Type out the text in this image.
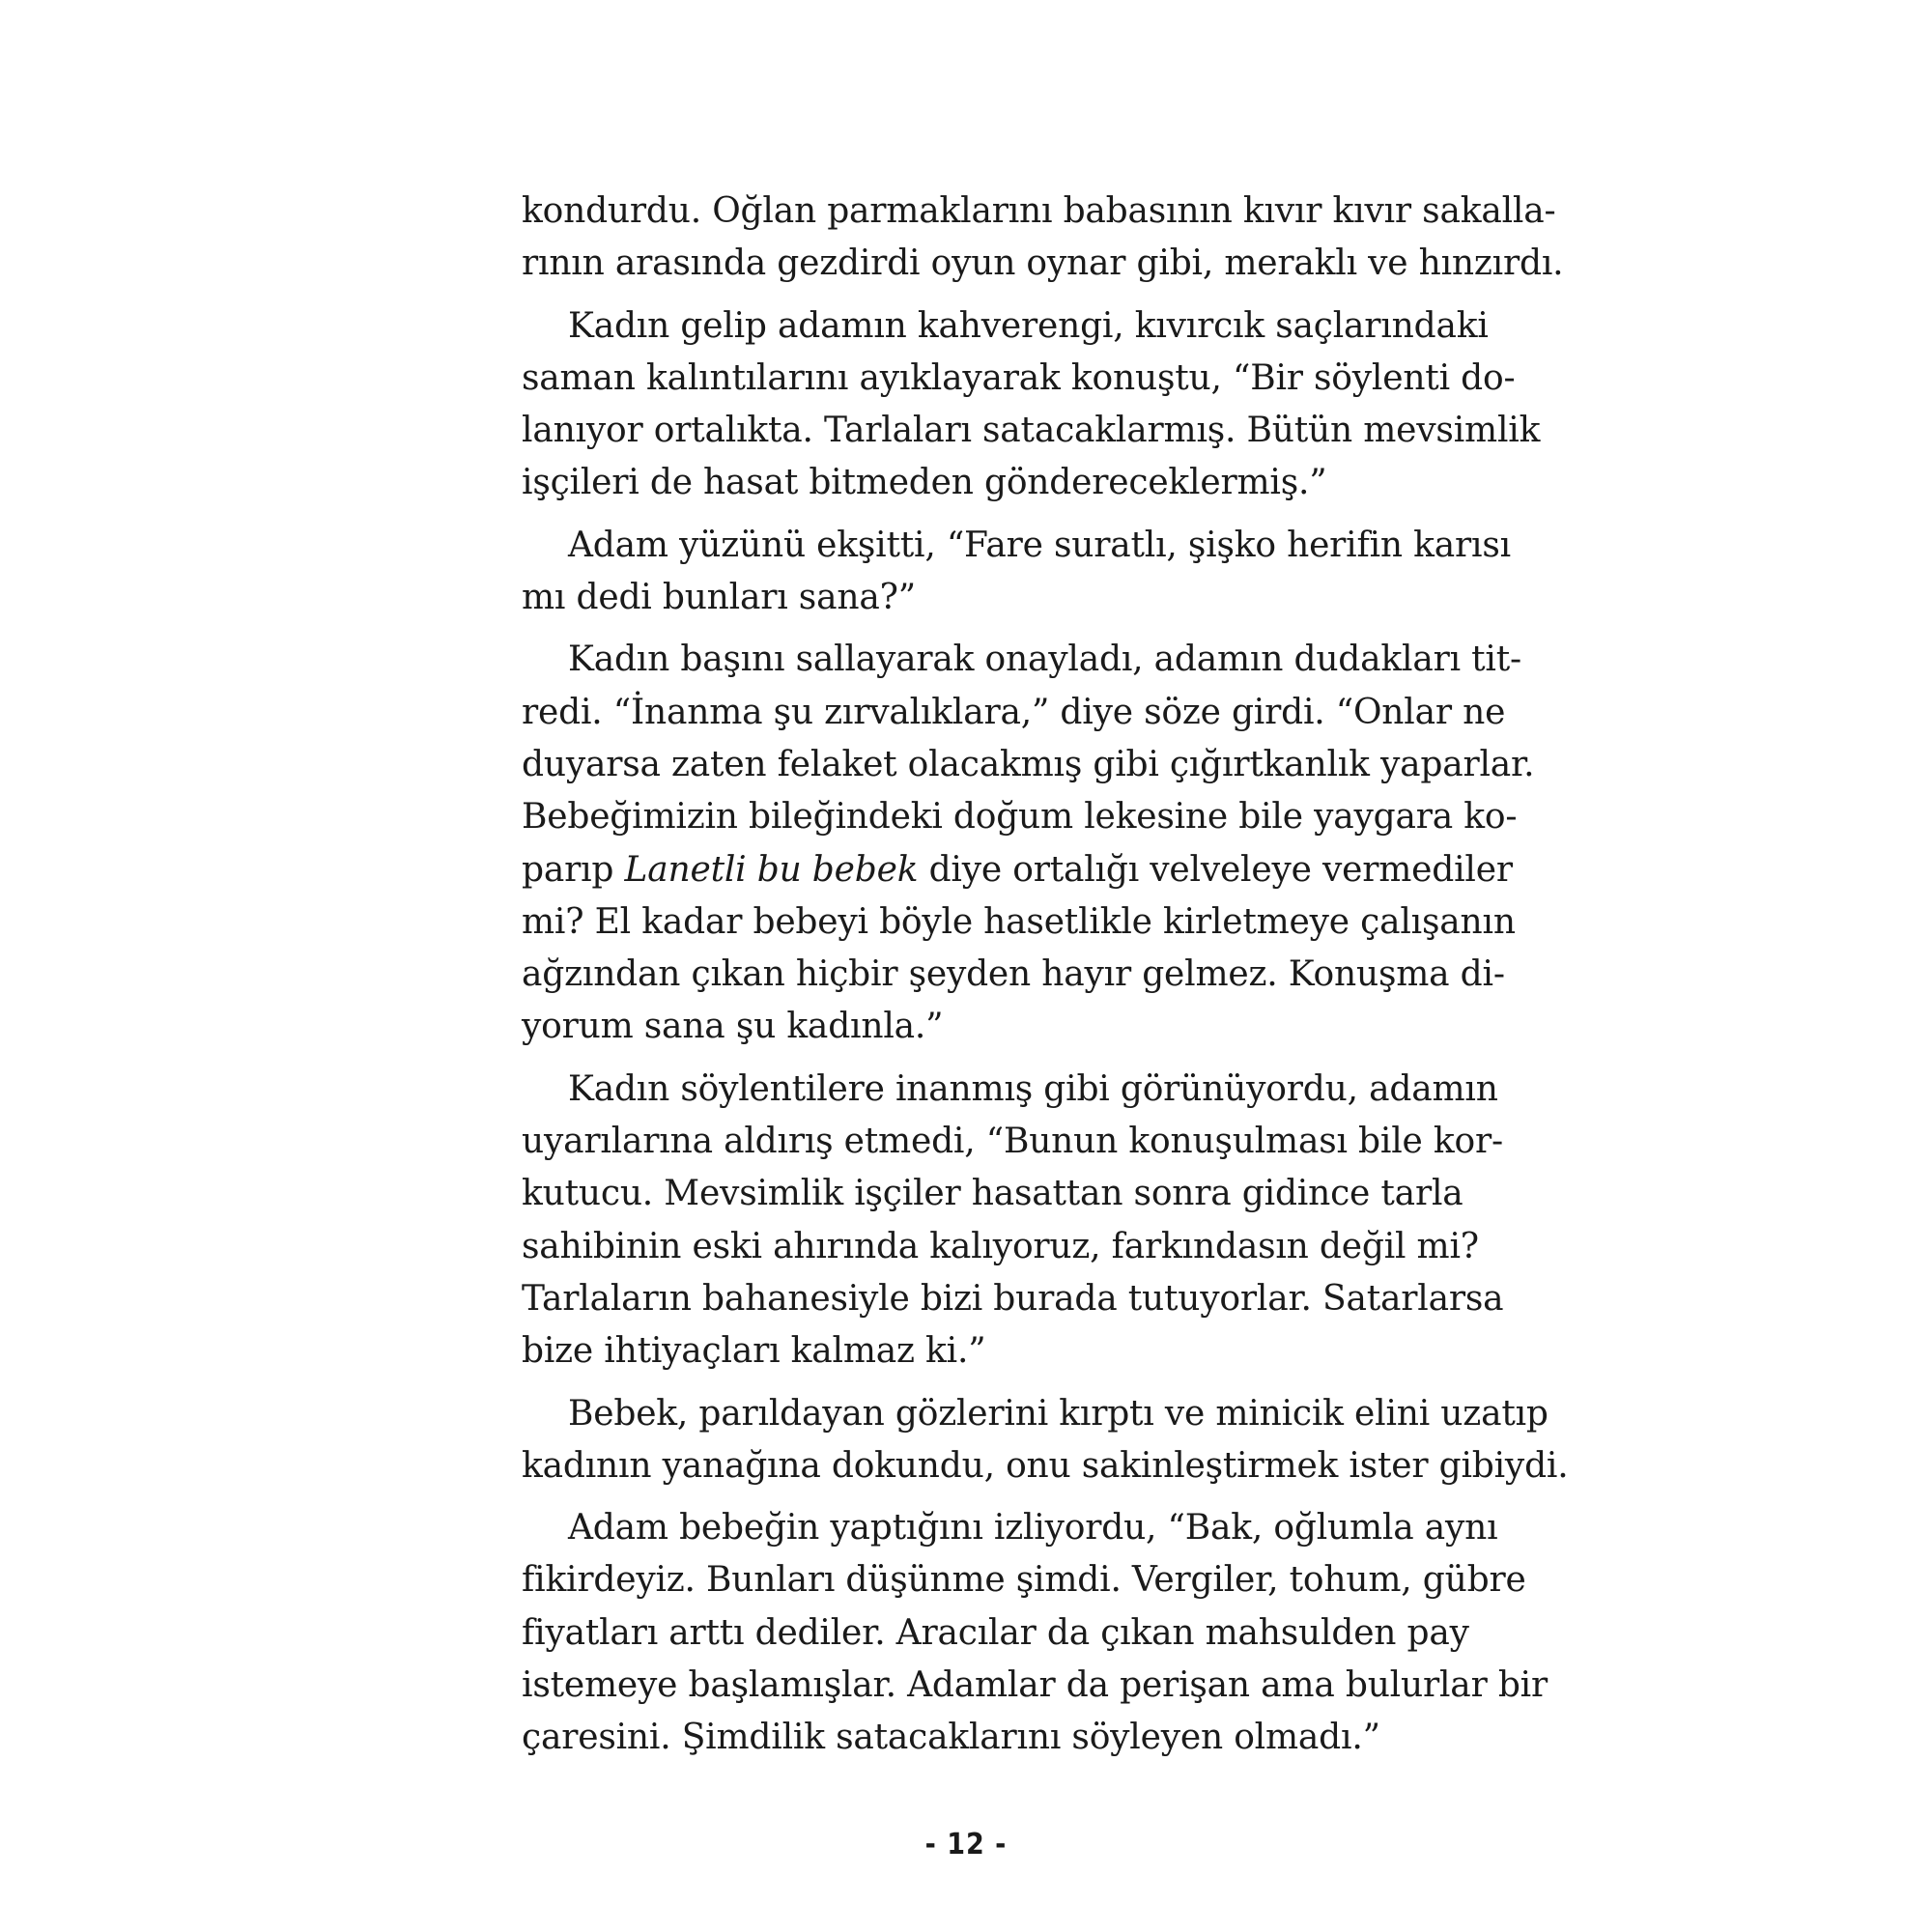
kondurdu. Oğlan parmaklarını babasının kıvır kıvır sakalla-
rının arasında gezdirdi oyun oynar gibi, meraklı ve hınzırdı.

Kadın gelip adamın kahverengi, kıvırcık saçlarındaki
saman kalıntılarını ayıklayarak konuştu, “Bir söylenti do-
lanıyor ortalıkta. Tarlaları satacaklarmış. Bütün mevsimlik
işçileri de hasat bitmeden göndereceklermiş.”

Adam yüzünü ekşitti, “Fare suratlı, şişko herifin karısı
mı dedi bunları sana?”

Kadın başını sallayarak onayladı, adamın dudakları tit-
redi. “İnanma şu zırvalıklara,” diye söze girdi. “Onlar ne
duyarsa zaten felaket olacakmış gibi çığırtkanlık yaparlar.
Bebeğimizin bileğindeki doğum lekesine bile yaygara ko-
parıp Lanetli bu bebek diye ortalığı velveleye vermediler
mi? El kadar bebeyi böyle hasetlikle kirletmeye çalışanın
ağzından çıkan hiçbir şeyden hayır gelmez. Konuşma di-
yorum sana şu kadınla.”

Kadın söylentilere inanmış gibi görünüyordu, adamın
uyarılarına aldırış etmedi, “Bunun konuşulması bile kor-
kutucu. Mevsimlik işçiler hasattan sonra gidince tarla
sahibinin eski ahırında kalıyoruz, farkındasın değil mi?
Tarlaların bahanesiyle bizi burada tutuyorlar. Satarlarsa
bize ihtiyaçları kalmaz ki.”

Bebek, parıldayan gözlerini kırptı ve minicik elini uzatıp
kadının yanağına dokundu, onu sakinleştirmek ister gibiydi.

Adam bebeğin yaptığını izliyordu, “Bak, oğlumla aynı
fikirdeyiz. Bunları düşünme şimdi. Vergiler, tohum, gübre
fiyatları arttı dediler. Aracılar da çıkan mahsulden pay
istemeye başlamışlar. Adamlar da perişan ama bulurlar bir
çaresini. Şimdilik satacaklarını söyleyen olmadı.”

- 12 -
